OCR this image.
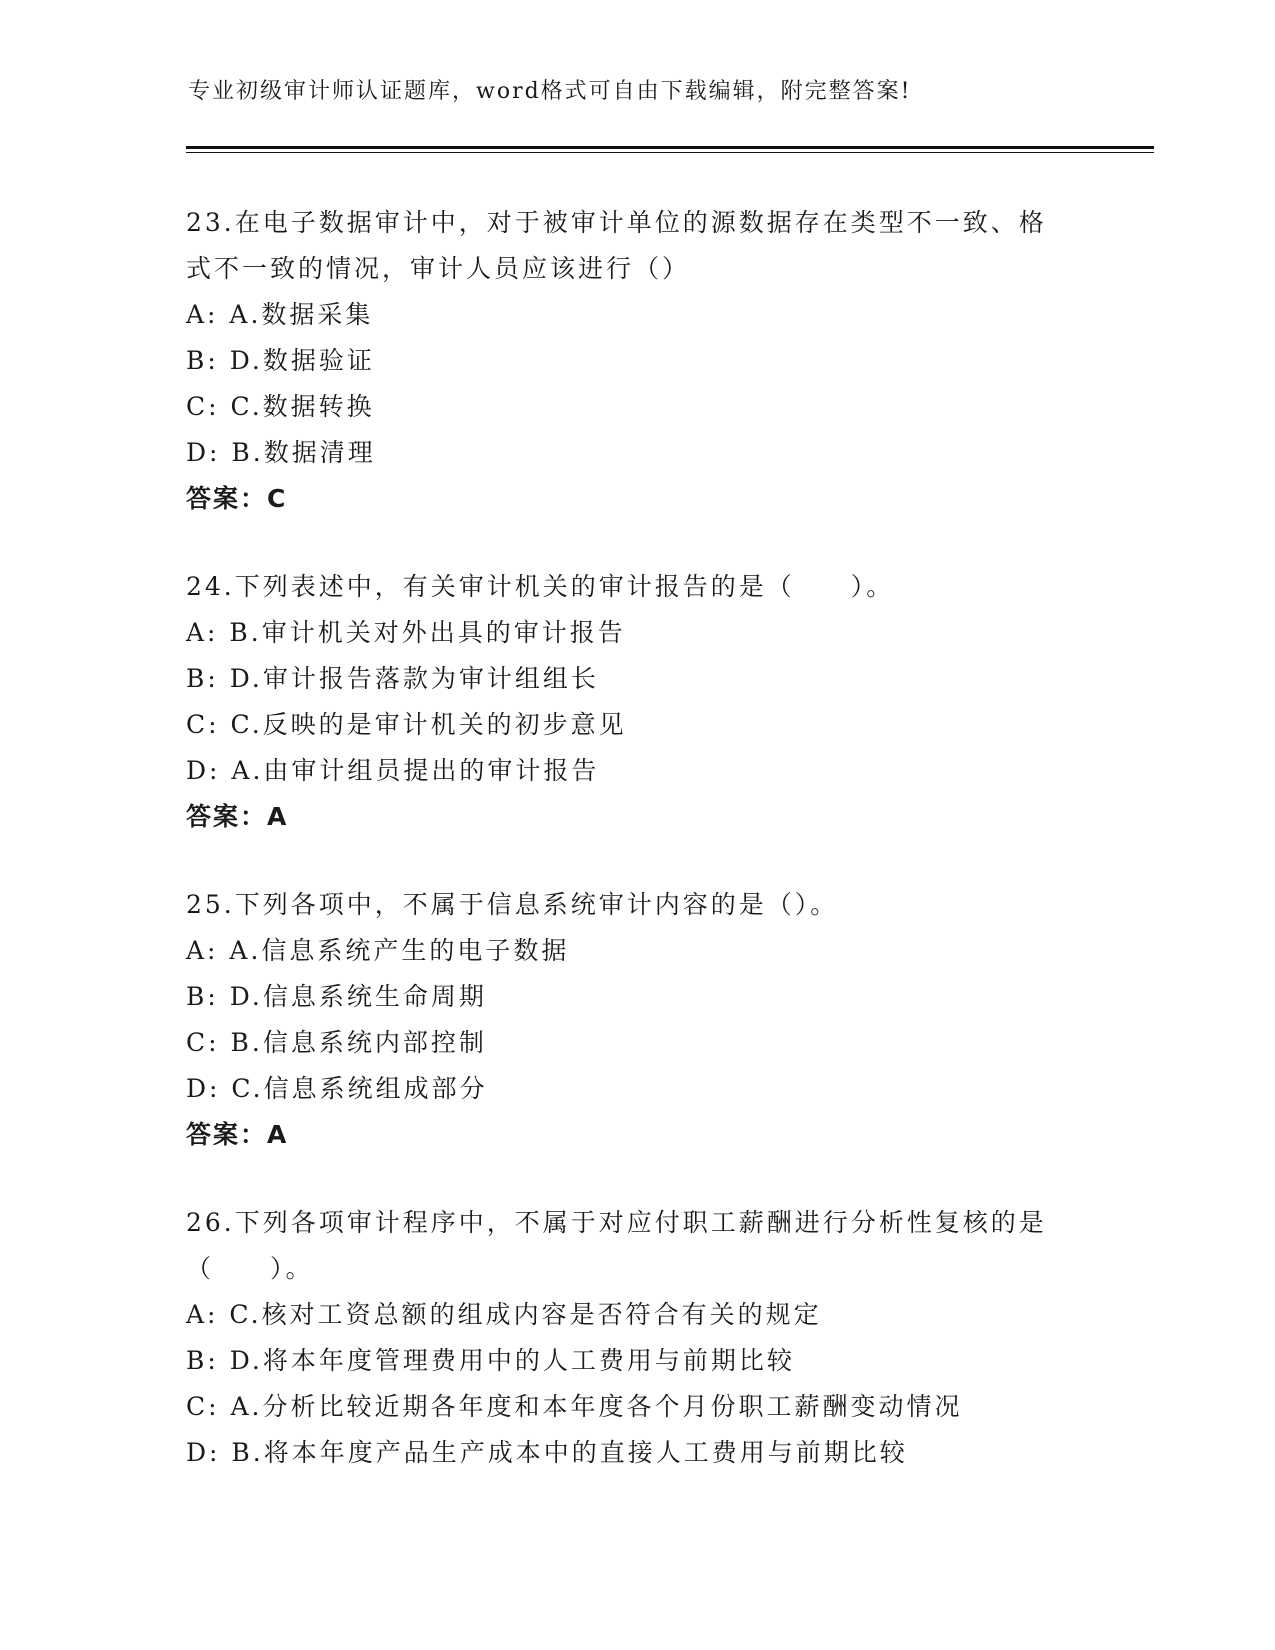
专业初级审计师认证题库，word格式可自由下载编辑，附完整答案!
23.在电子数据审计中，对于被审计单位的源数据存在类型不一致、格
式不一致的情况，审计人员应该进行（）
A: A.数据采集
B: D.数据验证
C: C.数据转换
D: B.数据清理
答案：C
24.下列表述中，有关审计机关的审计报告的是（　　）。
A: B.审计机关对外出具的审计报告
B: D.审计报告落款为审计组组长
C: C.反映的是审计机关的初步意见
D: A.由审计组员提出的审计报告
答案：A
25.下列各项中，不属于信息系统审计内容的是（）。
A: A.信息系统产生的电子数据
B: D.信息系统生命周期
C: B.信息系统内部控制
D: C.信息系统组成部分
答案：A
26.下列各项审计程序中，不属于对应付职工薪酬进行分析性复核的是
（　　）。
A: C.核对工资总额的组成内容是否符合有关的规定
B: D.将本年度管理费用中的人工费用与前期比较
C: A.分析比较近期各年度和本年度各个月份职工薪酬变动情况
D: B.将本年度产品生产成本中的直接人工费用与前期比较
